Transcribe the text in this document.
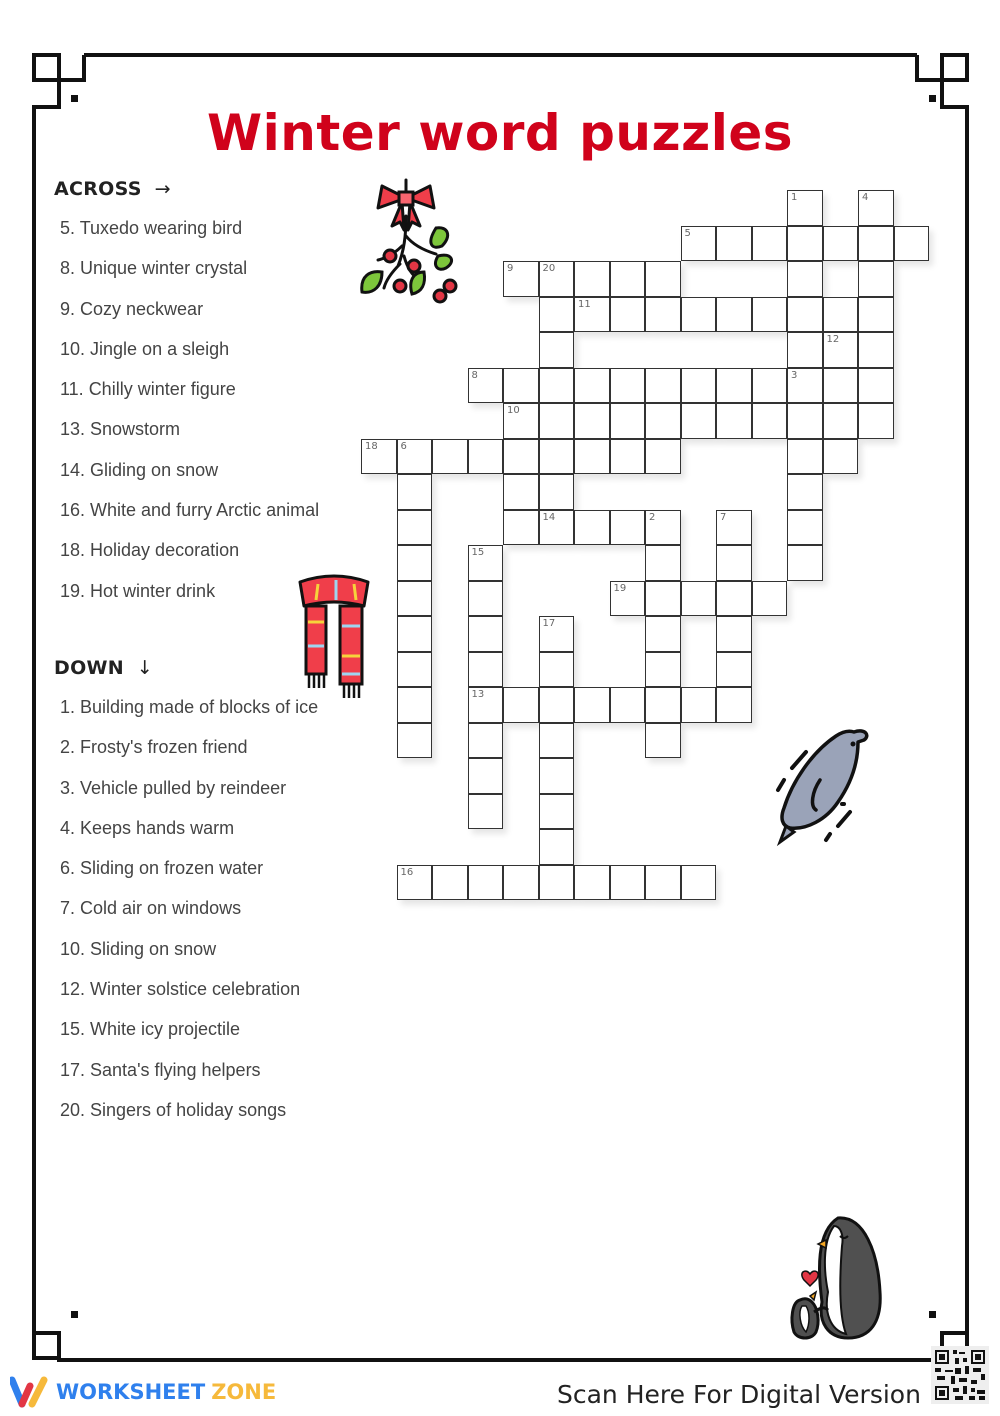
Winter word puzzles
ACROSS →
5. Tuxedo wearing bird
8. Unique winter crystal
9. Cozy neckwear
10. Jingle on a sleigh
11. Chilly winter figure
13. Snowstorm
14. Gliding on snow
16. White and furry Arctic animal
18. Holiday decoration
19. Hot winter drink
DOWN ↓
1. Building made of blocks of ice
2. Frosty's frozen friend
3. Vehicle pulled by reindeer
4. Keeps hands warm
6. Sliding on frozen water
7. Cold air on windows
10. Sliding on snow
12. Winter solstice celebration
15. White icy projectile
17. Santa's flying helpers
20. Singers of holiday songs
1	4
5
9	20
11
12
8	3
10
18 6
14	2	7
15
19
17
13
16
WORKSHEET ZONE	Scan Here For Digital Version
